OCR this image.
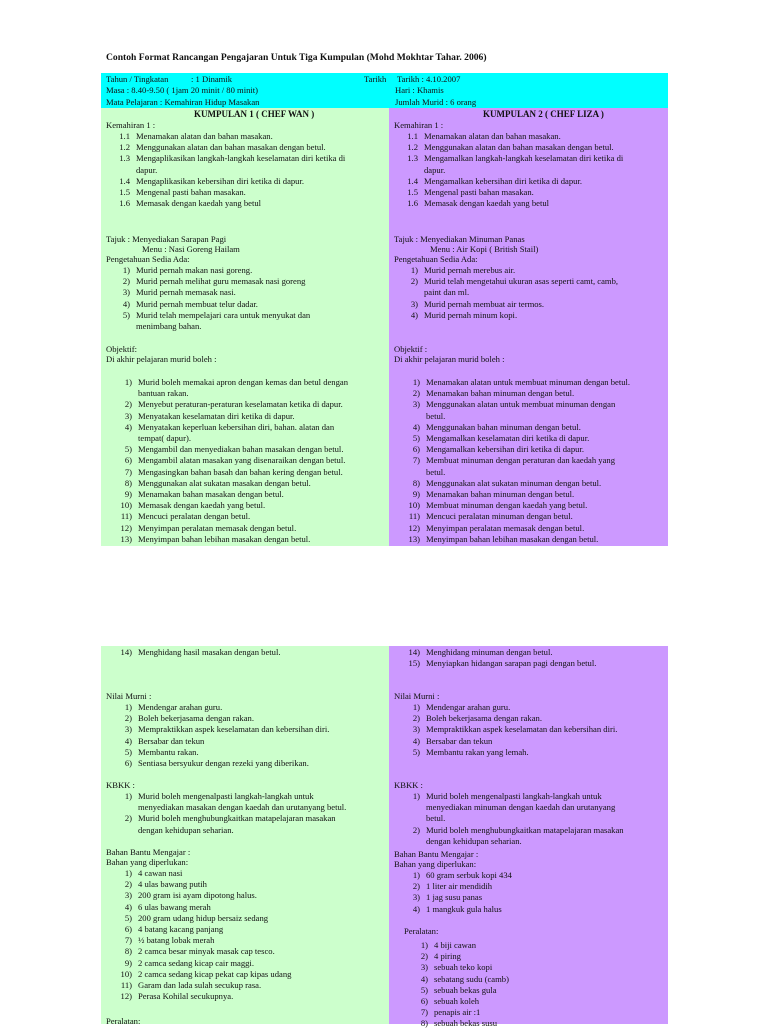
Contoh Format Rancangan Pengajaran Untuk Tiga Kumpulan (Mohd Mokhtar Tahar. 2006)
Tahun / Tingkatan	: 1 Dinamik	Tarikh Tarikh : 4.10.2007
Masa : 8.40-9.50 ( 1jam 20 minit / 80 minit)	Hari : Khamis
Mata Pelajaran : Kemahiran Hidup Masakan	Jumlah Murid : 6 orang
KUMPULAN 1 ( CHEF WAN )
Kemahiran 1 :
1.1 Menamakan alatan dan bahan masakan.
1.2 Menggunakan alatan dan bahan masakan dengan betul.
1.3 Mengaplikasikan langkah-langkah keselamatan diri ketika di
dapur.
1.4 Mengaplikasikan kebersihan diri ketika di dapur.
1.5 Mengenal pasti bahan masakan.
1.6 Memasak dengan kaedah yang betul
Tajuk : Menyediakan Sarapan Pagi
Menu : Nasi Goreng Hailam
Pengetahuan Sedia Ada:
1) Murid pernah makan nasi goreng.
2) Murid pernah melihat guru memasak nasi goreng
3) Murid pernah memasak nasi.
4) Murid pernah membuat telur dadar.
5) Murid telah mempelajari cara untuk menyukat dan
menimbang bahan.
Objektif:
Di akhir pelajaran murid boleh :
1) Murid boleh memakai apron dengan kemas dan betul dengan
bantuan rakan.
2) Menyebut peraturan-peraturan keselamatan ketika di dapur.
3) Menyatakan keselamatan diri ketika di dapur.
4) Menyatakan keperluan kebersihan diri, bahan. alatan dan
tempat( dapur).
5) Mengambil dan menyediakan bahan masakan dengan betul.
6) Mengambil alatan masakan yang disenaraikan dengan betul.
7) Mengasingkan bahan basah dan bahan kering dengan betul.
8) Menggunakan alat sukatan masakan dengan betul.
9) Menamakan bahan masakan dengan betul.
10) Memasak dengan kaedah yang betul.
11) Mencuci peralatan dengan betul.
12) Menyimpan peralatan memasak dengan betul.
13) Menyimpan bahan lebihan masakan dengan betul.
14) Menghidang hasil masakan dengan betul.
Nilai Murni :
1) Mendengar arahan guru.
2) Boleh bekerjasama dengan rakan.
3) Mempraktikkan aspek keselamatan dan kebersihan diri.
4) Bersabar dan tekun
5) Membantu rakan.
6) Sentiasa bersyukur dengan rezeki yang diberikan.
KBKK :
1) Murid boleh mengenalpasti langkah-langkah untuk
menyediakan masakan dengan kaedah dan urutanyang betul.
2) Murid boleh menghubungkaitkan matapelajaran masakan
dengan kehidupan seharian.
Bahan Bantu Mengajar :
Bahan yang diperlukan:
1) 4 cawan nasi
2) 4 ulas bawang putih
3) 200 gram isi ayam dipotong halus.
4) 6 ulas bawang merah
5) 200 gram udang hidup bersaiz sedang
6) 4 batang kacang panjang
7) ½ batang lobak merah
8) 2 camca besar minyak masak cap tesco.
9) 2 camca sedang kicap cair maggi.
10) 2 camca sedang kicap pekat cap kipas udang
11) Garam dan lada sulah secukup rasa.
12) Perasa Kohilal secukupnya.
Peralatan:
KUMPULAN 2 ( CHEF LIZA )
Kemahiran 1 :
1.1 Menamakan alatan dan bahan masakan.
1.2 Menggunakan alatan dan bahan masakan dengan betul.
1.3 Mengamalkan langkah-langkah keselamatan diri ketika di
dapur.
1.4 Mengamalkan kebersihan diri ketika di dapur.
1.5 Mengenal pasti bahan masakan.
1.6 Memasak dengan kaedah yang betul
Tajuk : Menyediakan Minuman Panas
Menu : Air Kopi ( British Stail)
Pengetahuan Sedia Ada:
1) Murid pernah merebus air.
2) Murid telah mengetahui ukuran asas seperti camt, camb,
paint dan ml.
3) Murid pernah membuat air termos.
4) Murid pernah minum kopi.
Objektif :
Di akhir pelajaran murid boleh :
1) Menamakan alatan untuk membuat minuman dengan betul.
2) Menamakan bahan minuman dengan betul.
3) Menggunakan alatan untuk membuat minuman dengan
betul.
4) Menggunakan bahan minuman dengan betul.
5) Mengamalkan keselamatan diri ketika di dapur.
6) Mengamalkan kebersihan diri ketika di dapur.
7) Membuat minuman dengan peraturan dan kaedah yang
betul.
8) Menggunakan alat sukatan minuman dengan betul.
9) Menamakan bahan minuman dengan betul.
10) Membuat minuman dengan kaedah yang betul.
11) Mencuci peralatan minuman dengan betul.
12) Menyimpan peralatan memasak dengan betul.
13) Menyimpan bahan lebihan masakan dengan betul.
14) Menghidang minuman dengan betul.
15) Menyiapkan hidangan sarapan pagi dengan betul.
Nilai Murni :
1) Mendengar arahan guru.
2) Boleh bekerjasama dengan rakan.
3) Mempraktikkan aspek keselamatan dan kebersihan diri.
4) Bersabar dan tekun
5) Membantu rakan yang lemah.
KBKK :
1) Murid boleh mengenalpasti langkah-langkah untuk
menyediakan minuman dengan kaedah dan urutanyang
betul.
2) Murid boleh menghubungkaitkan matapelajaran masakan
dengan kehidupan seharian.
Bahan Bantu Mengajar :
Bahan yang diperlukan:
1) 60 gram serbuk kopi 434
2) 1 liter air mendidih
3) 1 jag susu panas
4) 1 mangkuk gula halus
Peralatan:
1) 4 biji cawan
2) 4 piring
3) sebuah teko kopi
4) sebatang sudu (camb)
5) sebuah bekas gula
6) sebuah koleh
7) penapis air :1
8) sebuah bekas susu
